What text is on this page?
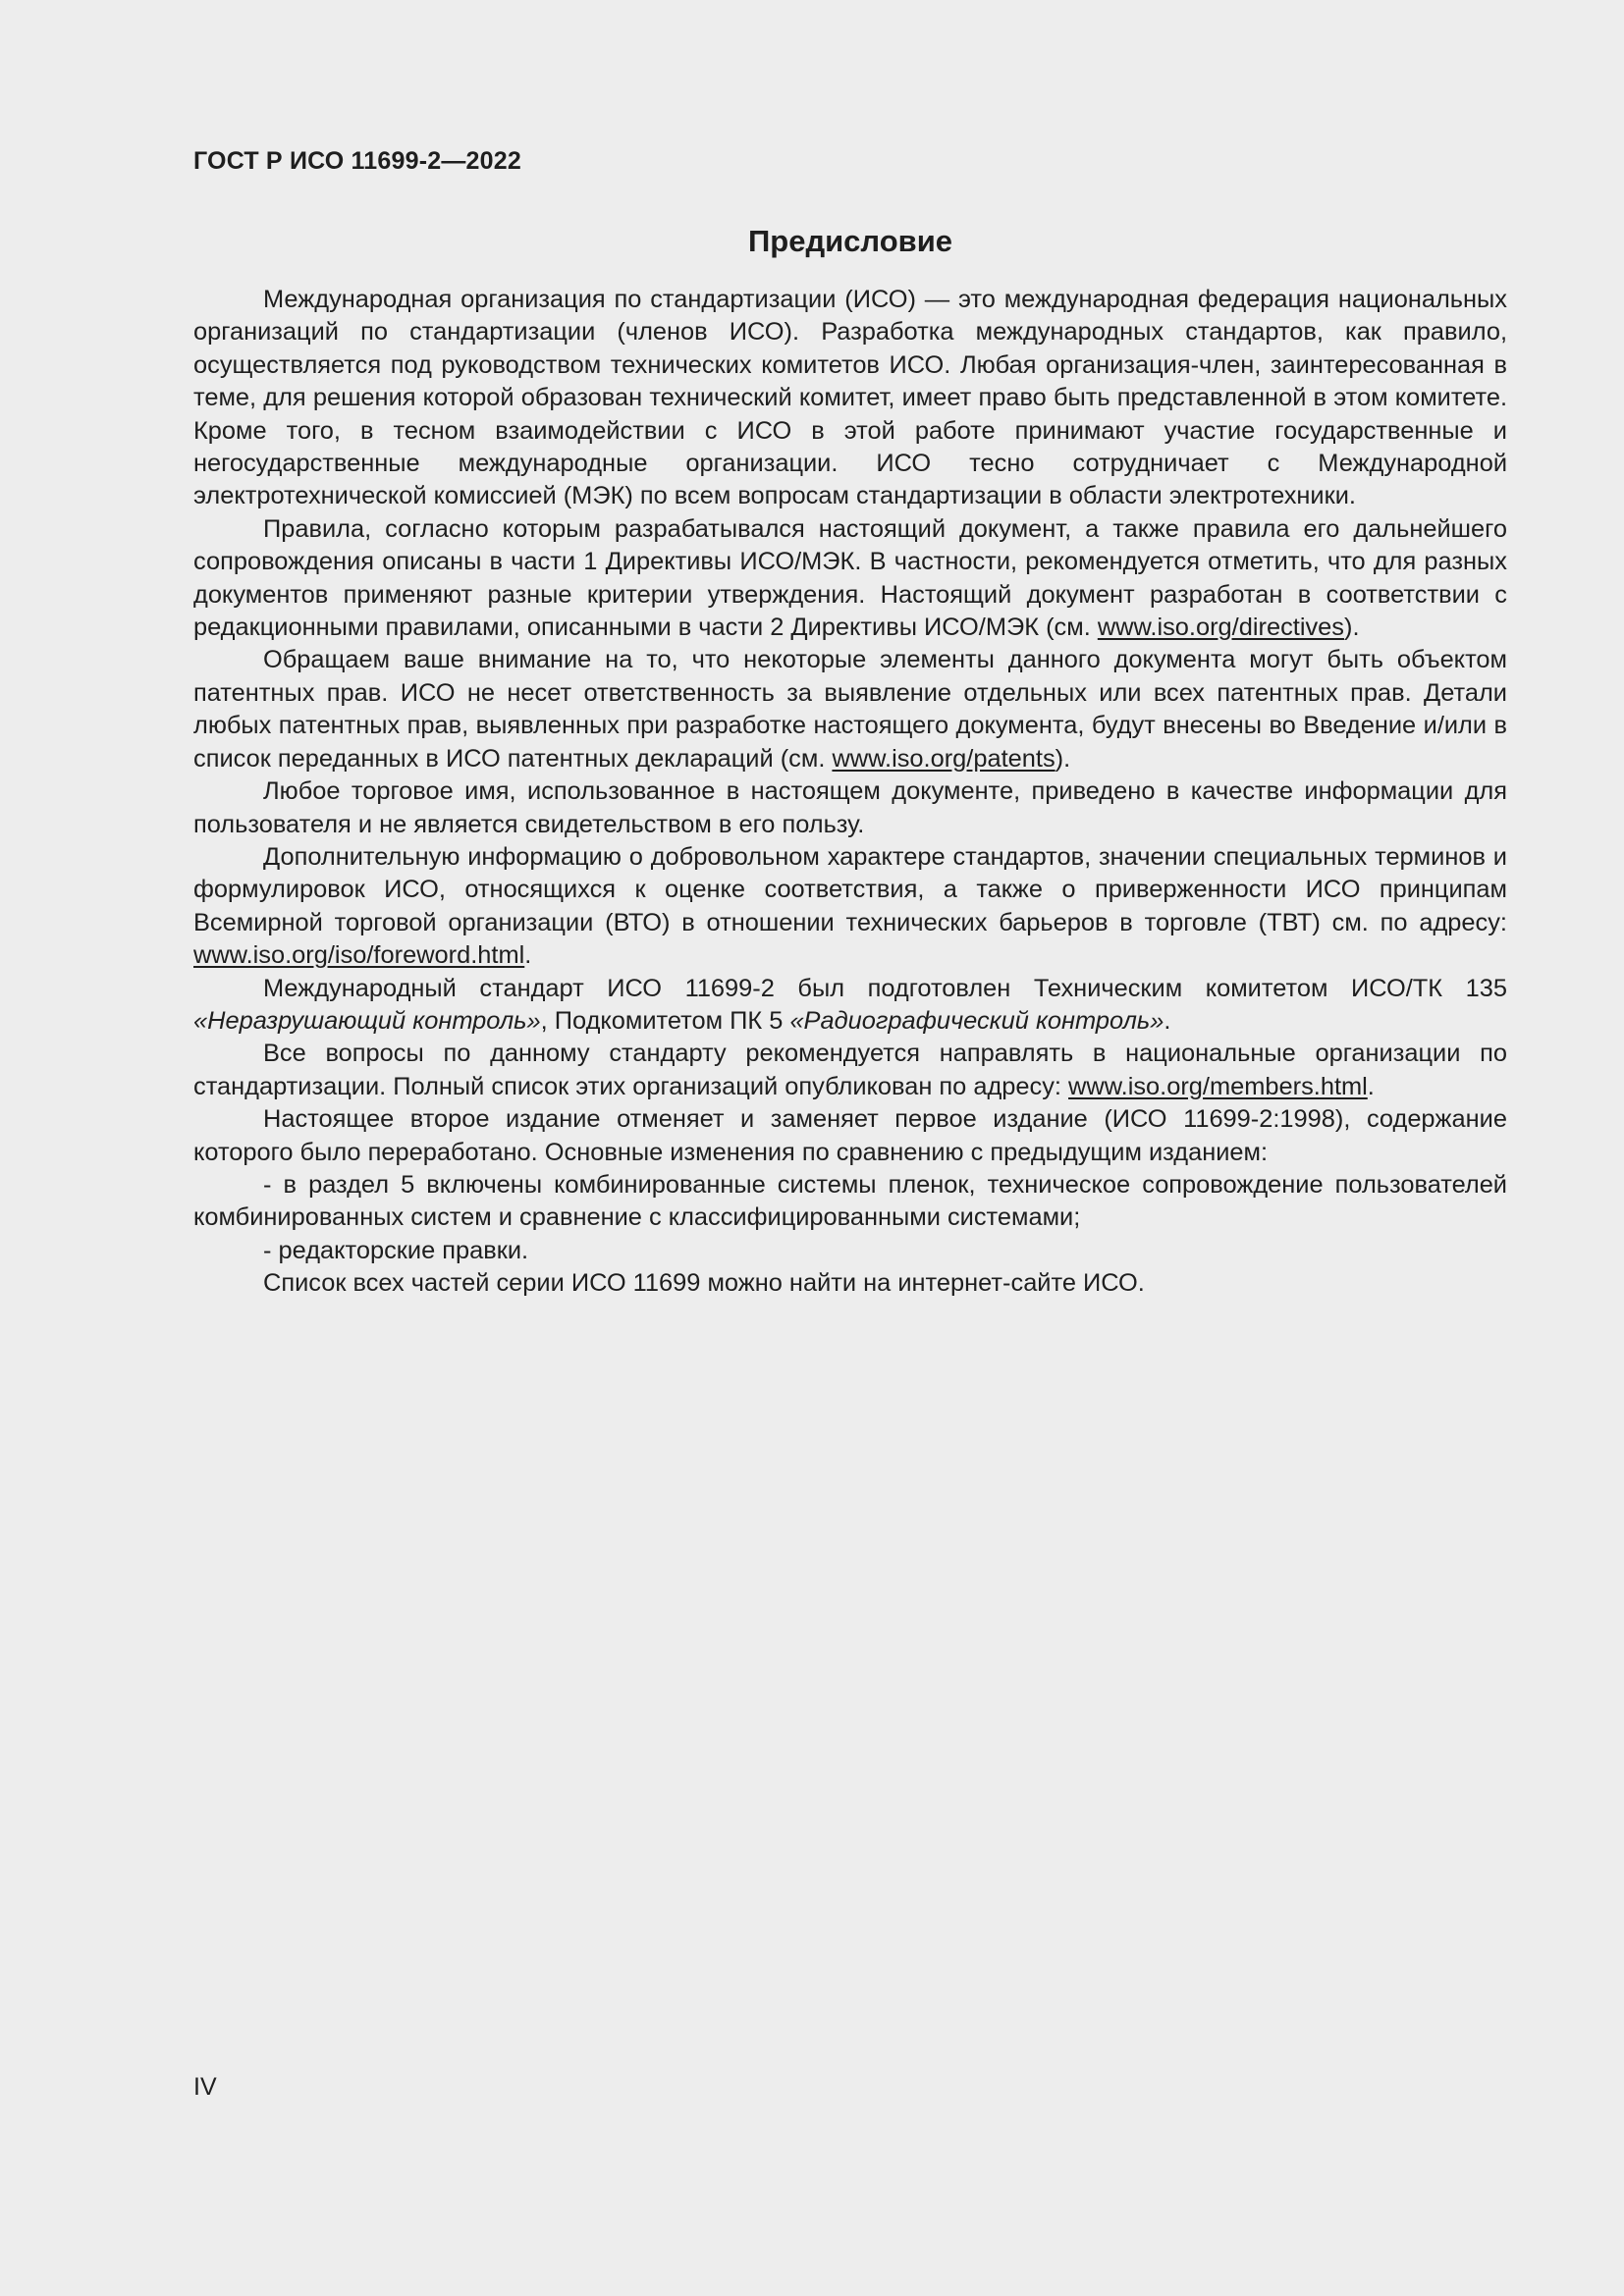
ГОСТ Р ИСО 11699-2—2022
Предисловие

Международная организация по стандартизации (ИСО) — это международная федерация национальных организаций по стандартизации (членов ИСО). Разработка международных стандартов, как правило, осуществляется под руководством технических комитетов ИСО. Любая организация-член, заинтересованная в теме, для решения которой образован технический комитет, имеет право быть представленной в этом комитете. Кроме того, в тесном взаимодействии с ИСО в этой работе принимают участие государственные и негосударственные международные организации. ИСО тесно сотрудничает с Международной электротехнической комиссией (МЭК) по всем вопросам стандартизации в области электротехники.

Правила, согласно которым разрабатывался настоящий документ, а также правила его дальнейшего сопровождения описаны в части 1 Директивы ИСО/МЭК. В частности, рекомендуется отметить, что для разных документов применяют разные критерии утверждения. Настоящий документ разработан в соответствии с редакционными правилами, описанными в части 2 Директивы ИСО/МЭК (см. www.iso.org/directives).

Обращаем ваше внимание на то, что некоторые элементы данного документа могут быть объектом патентных прав. ИСО не несет ответственность за выявление отдельных или всех патентных прав. Детали любых патентных прав, выявленных при разработке настоящего документа, будут внесены во Введение и/или в список переданных в ИСО патентных деклараций (см. www.iso.org/patents).

Любое торговое имя, использованное в настоящем документе, приведено в качестве информации для пользователя и не является свидетельством в его пользу.

Дополнительную информацию о добровольном характере стандартов, значении специальных терминов и формулировок ИСО, относящихся к оценке соответствия, а также о приверженности ИСО принципам Всемирной торговой организации (ВТО) в отношении технических барьеров в торговле (ТВТ) см. по адресу: www.iso.org/iso/foreword.html.

Международный стандарт ИСО 11699-2 был подготовлен Техническим комитетом ИСО/ТК 135 «Неразрушающий контроль», Подкомитетом ПК 5 «Радиографический контроль».

Все вопросы по данному стандарту рекомендуется направлять в национальные организации по стандартизации. Полный список этих организаций опубликован по адресу: www.iso.org/members.html.

Настоящее второе издание отменяет и заменяет первое издание (ИСО 11699-2:1998), содержание которого было переработано. Основные изменения по сравнению с предыдущим изданием:

- в раздел 5 включены комбинированные системы пленок, техническое сопровождение пользователей комбинированных систем и сравнение с классифицированными системами;

- редакторские правки.

Список всех частей серии ИСО 11699 можно найти на интернет-сайте ИСО.

IV
